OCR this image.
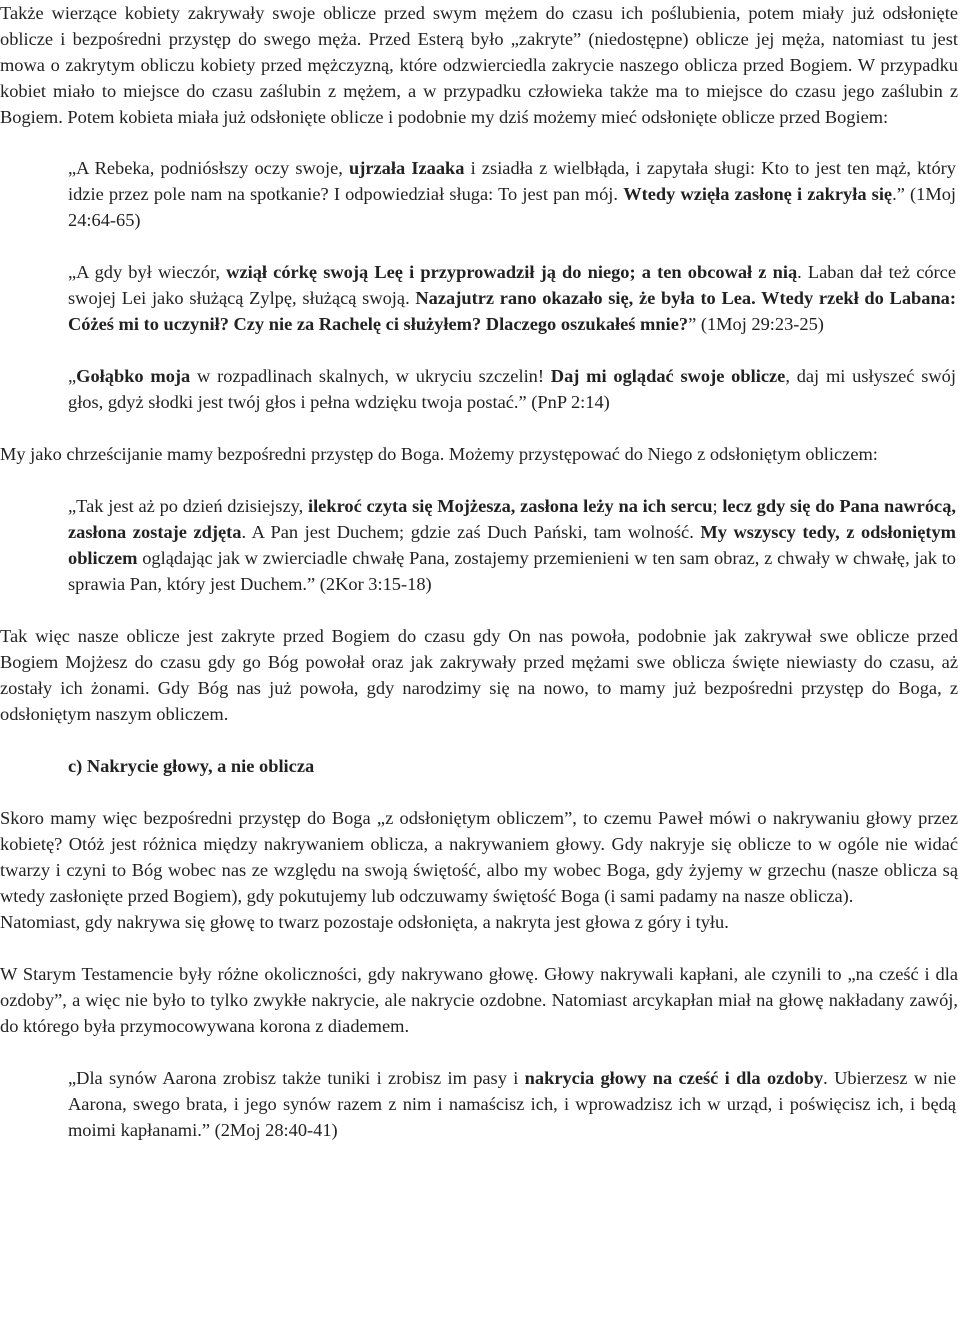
Także wierzące kobiety zakrywały swoje oblicze przed swym mężem do czasu ich poślubienia, potem miały już odsłonięte oblicze i bezpośredni przystęp do swego męża. Przed Esterą było „zakryte” (niedostępne) oblicze jej męża, natomiast tu jest mowa o zakrytym obliczu kobiety przed mężczyzną, które odzwierciedla zakrycie naszego oblicza przed Bogiem. W przypadku kobiet miało to miejsce do czasu zaślubin z mężem, a w przypadku człowieka także ma to miejsce do czasu jego zaślubin z Bogiem. Potem kobieta miała już odsłonięte oblicze i podobnie my dziś możemy mieć odsłonięte oblicze przed Bogiem:

„A Rebeka, podniósłszy oczy swoje, ujrzała Izaaka i zsiadła z wielbłąda, i zapytała sługi: Kto to jest ten mąż, który idzie przez pole nam na spotkanie? I odpowiedział sługa: To jest pan mój. Wtedy wzięła zasłonę i zakryła się.” (1Moj 24:64-65)

„A gdy był wieczór, wziął córkę swoją Leę i przyprowadził ją do niego; a ten obcował z nią. Laban dał też córce swojej Lei jako służącą Zylpę, służącą swoją. Nazajutrz rano okazało się, że była to Lea. Wtedy rzekł do Labana: Cóżeś mi to uczynił? Czy nie za Rachelę ci służyłem? Dlaczego oszukałeś mnie?” (1Moj 29:23-25)

„Gołąbko moja w rozpadlinach skalnych, w ukryciu szczelin! Daj mi oglądać swoje oblicze, daj mi usłyszeć swój głos, gdyż słodki jest twój głos i pełna wdzięku twoja postać.” (PnP 2:14)

My jako chrześcijanie mamy bezpośredni przystęp do Boga. Możemy przystępować do Niego z odsłoniętym obliczem:

„Tak jest aż po dzień dzisiejszy, ilekroć czyta się Mojżesza, zasłona leży na ich sercu; lecz gdy się do Pana nawrócą, zasłona zostaje zdjęta. A Pan jest Duchem; gdzie zaś Duch Pański, tam wolność. My wszyscy tedy, z odsłoniętym obliczem oglądając jak w zwierciadle chwałę Pana, zostajemy przemienieni w ten sam obraz, z chwały w chwałę, jak to sprawia Pan, który jest Duchem.” (2Kor 3:15-18)

Tak więc nasze oblicze jest zakryte przed Bogiem do czasu gdy On nas powoła, podobnie jak zakrywał swe oblicze przed Bogiem Mojżesz do czasu gdy go Bóg powołał oraz jak zakrywały przed mężami swe oblicza święte niewiasty do czasu, aż zostały ich żonami. Gdy Bóg nas już powoła, gdy narodzimy się na nowo, to mamy już bezpośredni przystęp do Boga, z odsłoniętym naszym obliczem.

c) Nakrycie głowy, a nie oblicza

Skoro mamy więc bezpośredni przystęp do Boga „z odsłoniętym obliczem”, to czemu Paweł mówi o nakrywaniu głowy przez kobietę? Otóż jest różnica między nakrywaniem oblicza, a nakrywaniem głowy. Gdy nakryje się oblicze to w ogóle nie widać twarzy i czyni to Bóg wobec nas ze względu na swoją świętość, albo my wobec Boga, gdy żyjemy w grzechu (nasze oblicza są wtedy zasłonięte przed Bogiem), gdy pokutujemy lub odczuwamy świętość Boga (i sami padamy na nasze oblicza).

Natomiast, gdy nakrywa się głowę to twarz pozostaje odsłonięta, a nakryta jest głowa z góry i tyłu.

W Starym Testamencie były różne okoliczności, gdy nakrywano głowę. Głowy nakrywali kapłani, ale czynili to „na cześć i dla ozdoby”, a więc nie było to tylko zwykłe nakrycie, ale nakrycie ozdobne. Natomiast arcykapłan miał na głowę nakładany zawój, do którego była przymocowywana korona z diademem.

„Dla synów Aarona zrobisz także tuniki i zrobisz im pasy i nakrycia głowy na cześć i dla ozdoby. Ubierzesz w nie Aarona, swego brata, i jego synów razem z nim i namaścisz ich, i wprowadzisz ich w urząd, i poświęcisz ich, i będą moimi kapłanami.” (2Moj 28:40-41)
